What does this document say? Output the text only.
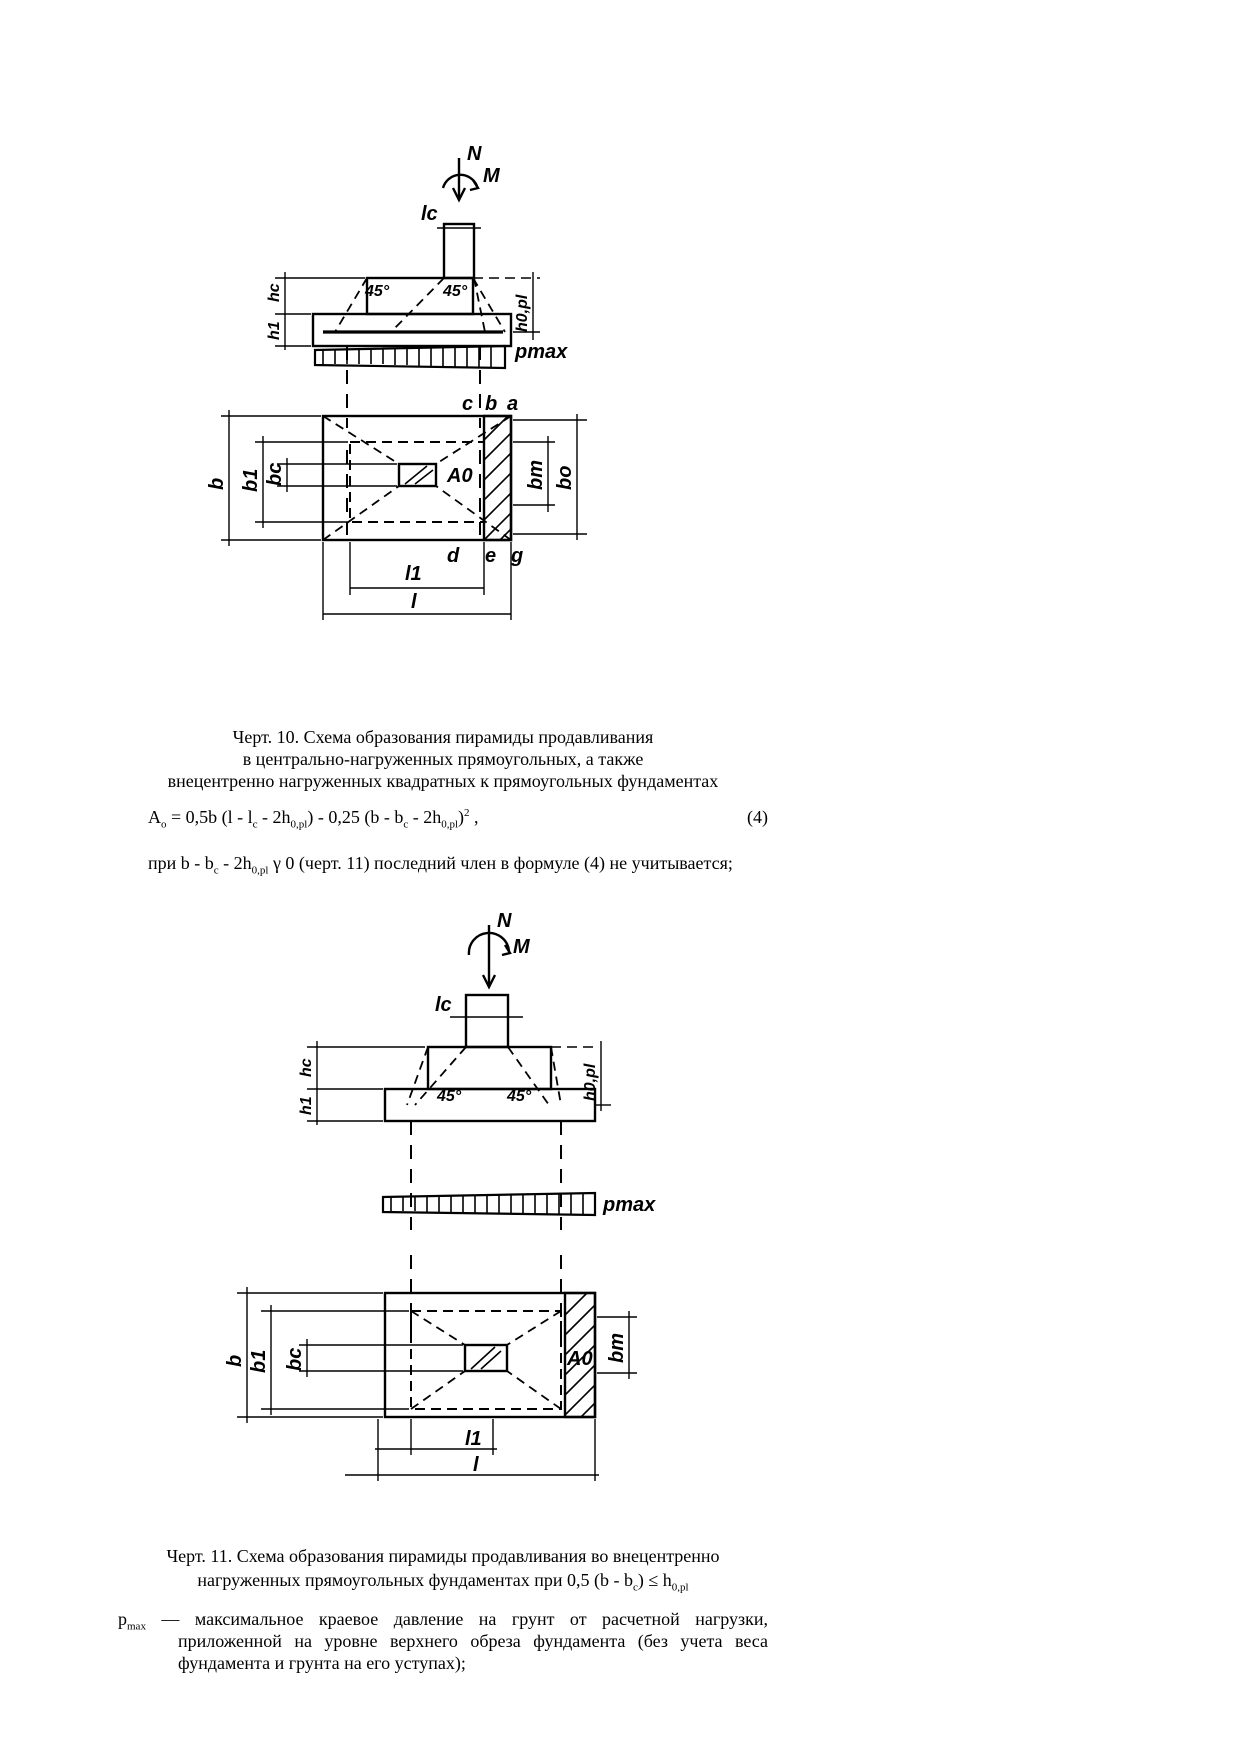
N
M
lc
45°	45°
pmax
c b a
d e g
A0
l1
l
b b1 bc	bm bo
hc
h1	h0,pl
Черт. 10. Схема образования пирамиды продавливания
в центрально-нагруженных прямоугольных, а также
внецентренно нагруженных квадратных к прямоугольных фундаментах
$A_o = 0,5b$ $(l - l_c - 2h_{0,pl}) - 0,25$ $(b - b_c - 2h_{0,pl})^2$ ,	(4)
при b - $b_c - 2h_{0,pl}$ γ 0 (черт. 11) последний член в формуле (4) не учитывается;
N
M
lc
45°	45°
pmax
A0
l1
l
b b1 bc	bm
hc
h1
h0,pl
Черт. 11. Схема образования пирамиды продавливания во внецентренно
нагруженных прямоугольных фундаментах при 0,5 $(b - b_c) \le h_{0,pl}$
$p_{max}$ — максимальное краевое давление на грунт от расчетной нагрузки, приложенной на уровне верхнего обреза фундамента (без учета веса фундамента и грунта на его уступах);
